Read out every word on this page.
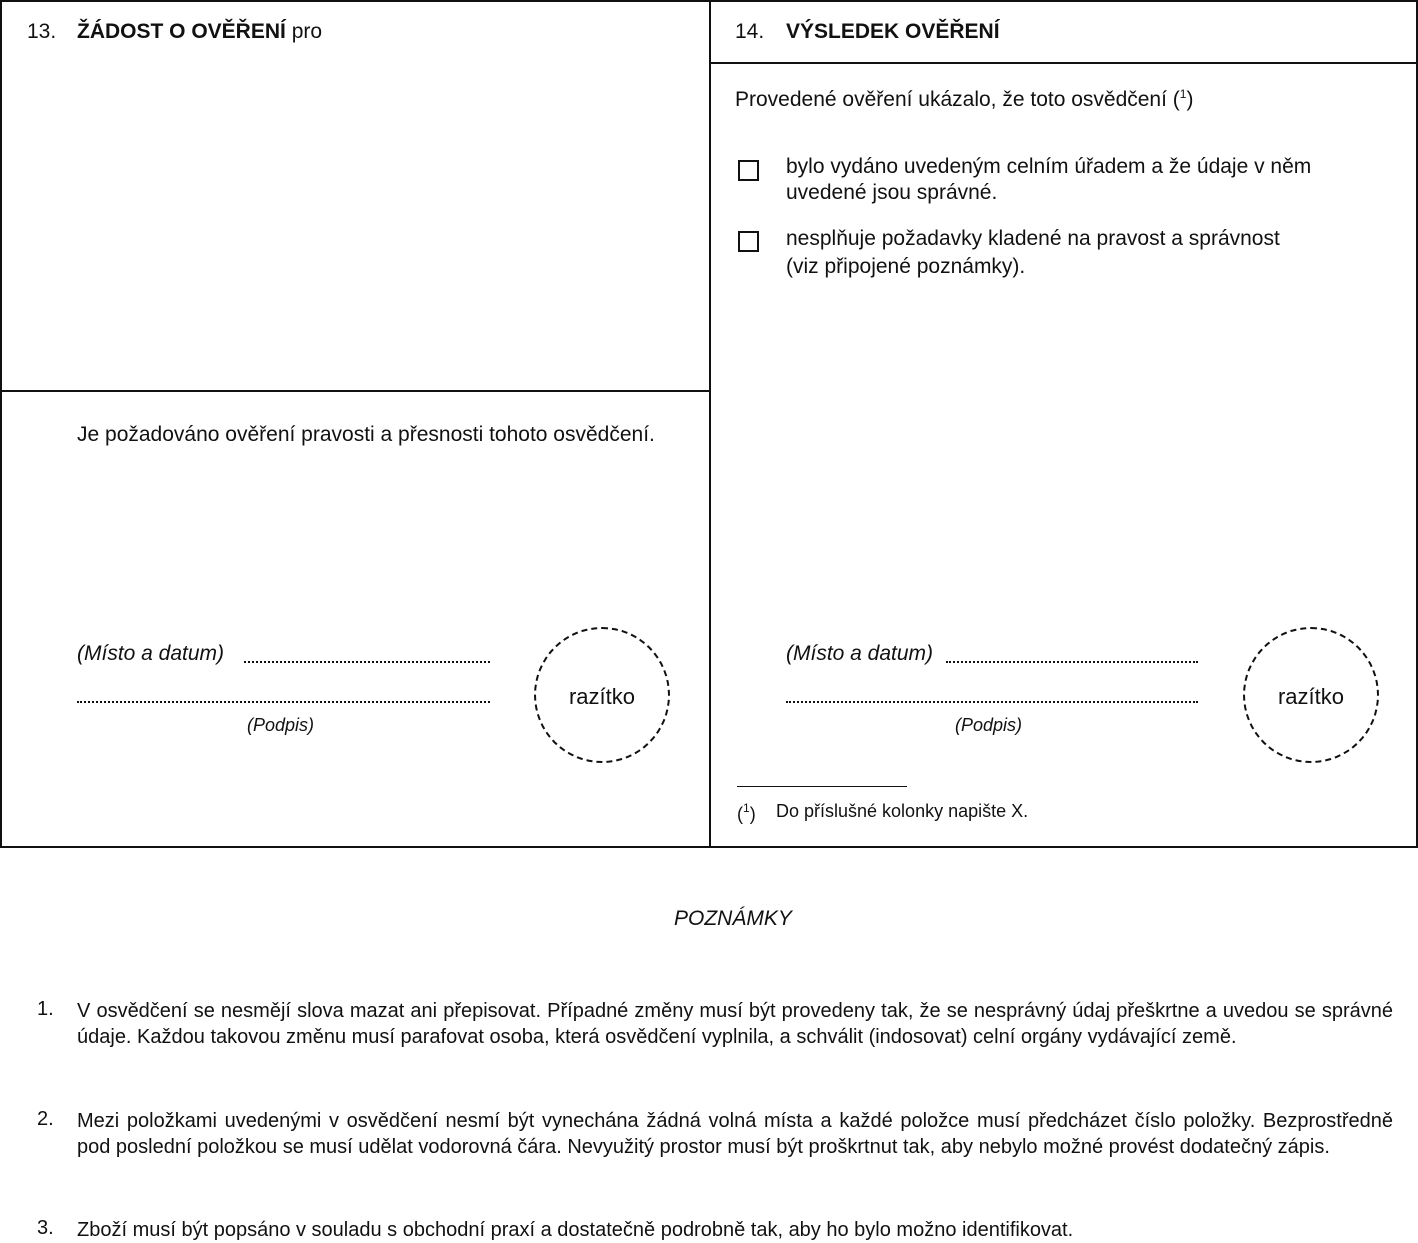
13. ŽÁDOST O OVĚŘENÍ pro
Je požadováno ověření pravosti a přesnosti tohoto osvědčení.
(Místo a datum)
(Podpis)
razítko
14. VÝSLEDEK OVĚŘENÍ
Provedené ověření ukázalo, že toto osvědčení ($^1$)
bylo vydáno uvedeným celním úřadem a že údaje v něm
uvedené jsou správné.
nesplňuje požadavky kladené na pravost a správnost
(viz připojené poznámky).
(Místo a datum)
(Podpis)
razítko
($^1$) Do příslušné kolonky napište X.
POZNÁMKY
1. V osvědčení se nesmějí slova mazat ani přepisovat. Případné změny musí být provedeny tak, že se nesprávný údaj přeškrtne a uvedou se správné údaje. Každou takovou změnu musí parafovat osoba, která osvědčení vyplnila, a schválit (indosovat) celní orgány vydávající země.
2. Mezi položkami uvedenými v osvědčení nesmí být vynechána žádná volná místa a každé položce musí předcházet číslo položky. Bezprostředně pod poslední položkou se musí udělat vodorovná čára. Nevyužitý prostor musí být proškrtnut tak, aby nebylo možné provést dodatečný zápis.
3. Zboží musí být popsáno v souladu s obchodní praxí a dostatečně podrobně tak, aby ho bylo možno identifikovat.
